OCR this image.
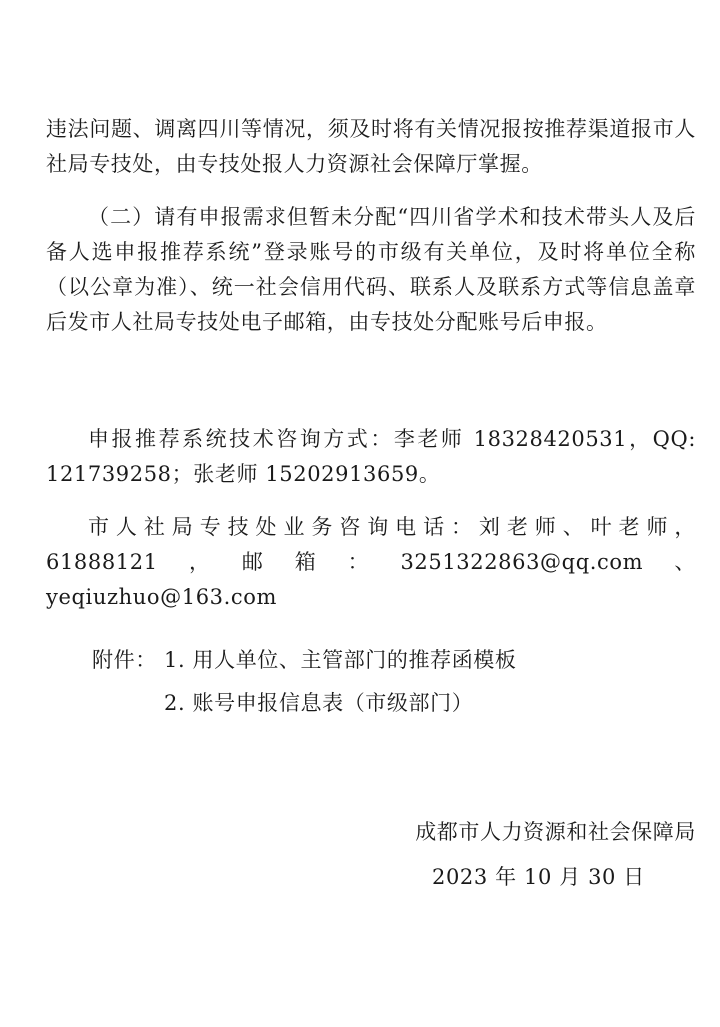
违法问题、调离四川等情况，须及时将有关情况报按推荐渠道报市人社局专技处，由专技处报人力资源社会保障厅掌握。
（二）请有申报需求但暂未分配“四川省学术和技术带头人及后备人选申报推荐系统”登录账号的市级有关单位，及时将单位全称（以公章为准）、统一社会信用代码、联系人及联系方式等信息盖章后发市人社局专技处电子邮箱，由专技处分配账号后申报。
申报推荐系统技术咨询方式：李老师 18328420531，QQ: 121739258；张老师 15202913659。
市人社局专技处业务咨询电话：刘老师、叶老师，61888121，邮箱：3251322863@qq.com、yeqiuzhuo@163.com
附件： 1. 用人单位、主管部门的推荐函模板
2. 账号申报信息表（市级部门）
成都市人力资源和社会保障局
2023 年 10 月 30 日
